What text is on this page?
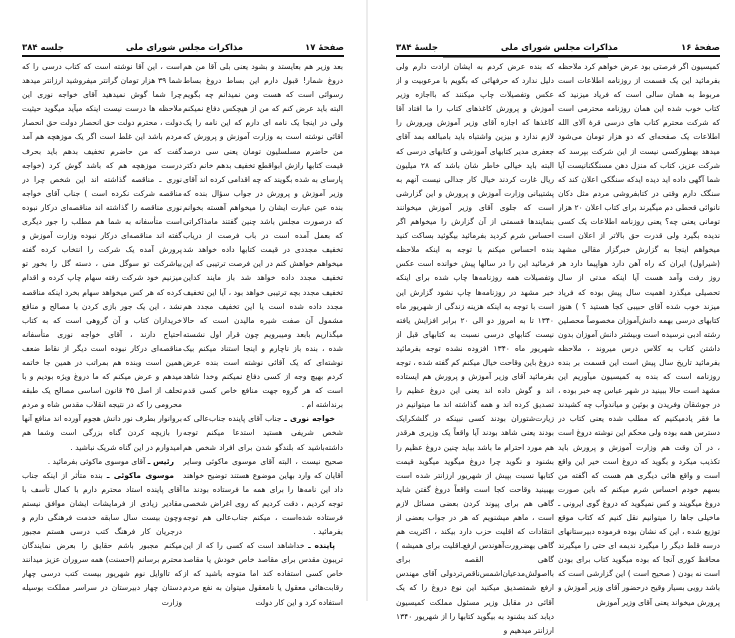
صفحهٔ ۱۷
مذاکرات مجلس شورای ملی
جلسه ۳۸۴

بعد وزیر هم بعایستد و بشود یعنی بلی آقا من هم دروغ شمار! قبول دارم این بساط دروغ بساط رسوائی است که هست ومن نمیدانم چه بگویم البته باید عرض کنم که من از هیچکس دفاع نمیکنم ولی در اینجا یک نامه ای دارم که این نامه را یک آقائی نوشته است به وزارت آموزش و پرورش که من حاضرم مسلسلیون تومان یعنی سی درصد قیمت کتابها رازش ابواقطع تخفیف بدهم خانم دکتر پارسای به شده بگویند که چه اقدامی کرده اند آقای وزیر آموزش و پرورش در جواب سؤال بنده که بنده عین عبارت ایشان را میخواهم آهسته بخوانم که درصورت مجلس باشد چنین گفتند مامذاکراتی که بعمل آمده است در باب فرصت از دریاب تخفیف مجددی در قیمت کتابها داده خواهد شد میخواهم خواهش کنم در این فرصت ترتیبی که این تخفیف مجدد داده خواهد شد باز مایند کداین تخفیف مجدد بچه ترتیبی خواهد بود ، آیا این تخفیف مجدد داده شده است یا این تخفیف مجدد هم مشمول آن صفت شیره مالیدن است که حالا میگذاریم بابعد ومیبرویم چون قرار اول نشسته شده ، بنده باز ناچارم و اینجا استناد میکنم بیک نوشته‌ای که یک آقائی نوشته است بنده عرض کردم بهیچ وجه از کسی دفاع نمیکنم وخدا شاهد است که هر گروه جهت منافع خاص کسی قدم برنداشته ام .

خواجه نوری ـ جناب آقای پاینده جناب‌عالی که شخص شریفی هستید استدعا میکنم توجه داشته‌باشید که بلندگو شدن برای افراد شخص هم صحیح نیست ، البته آقای موسوی ماکوئی وسایر آقایان که وارد بهاین موضوع هستند توضیح خواهند داد این نامه‌ها را برای همه ما فرستاده بودند ما توجه کردیم ، دقت کردیم که روی اغراض شخصی فرستاده شده‌است ، میکنم جناب‌عالی هم توجه بفرمائید .

پاینده ـ خداشاهد است که کسی را که از این تریبون مقدس برای مقاصد خاص خودش یا مقاصد خاص کسی استفاده کند اما متوجه باشید که از رقابت‌هائی معقول یا نامعقول میتوان به نفع مردم استفاده کرد و این کار دولت

است ، این آقا نوشته است که کتاب درسی را که شما ۳۹ هزار تومان گرانتر میفروشید ارزانتر میدهد چرا شما گوش نمیدهید آقای خواجه نوری این ملاحظه ها درست نیست اینکه میآید میگوید حیثیت دولت ، محترم دولت حق انحصار دولت حق انحصار مردم باشد این غلط است اگر یک موزهچه هم آمد گفت که من حاضرم تخفیف بدهم باید بحرف درست موزهچه هم که باشد گوش کرد (خواجه نوری ـ مناقصه گذاشته اند این شخص چرا در مناقصه شرکت نکرده است ) جناب آقای خواجه نوری مناقصه را گذاشته اند مناقصه‌ای درکار نبوده است متأسفانه به شما هم مطلب را جور دیگری گفته اند مناقصه‌ای درکار نبوده وزارت آموزش و پرورش آمده یک شرکت را انتخاب کرده گفته بیاشرکت تو سوگل منی ، دسته گل را بخور تو میزنیم خود شرکت رفته سهام چاپ کرده و اقدام کرده که هر کس میخواهد سهام بخرد اینکه مناقصه نشد ، این یک جور بازی کردن با مصالح و منافع خریداران کتاب و آن گروهی است که به کتاب احتیاج دارند ، آقای خواجه نوری متأسفانه مناقصه‌ای درکار نبوده است دیگر از نقاط ضعف همین است وبنده هم بمراتب در همین جا خاتمه میدهم و عرض میکنم که ما دروغ ویژه بودیم و با تحلف از اصل ۴۵ قانون اساسی مصالح یک طبقه محرومی را که در نتیجه انقلاب مقدس شاه و مردم بروانوار بطرف نور دانش هجوم آورده اند منافع آنها را بازیچه کردن گناه بزرگی است وشما هم امیدوارم در این گناه شریک نباشید .

رئیس ـ آقای موسوی ماکوئی بفرمائید .

موسوی ماکوئی ـ بنده متأثر از اینکه جناب آقای پاینده استاد محترم دارم با کمال تأسف با مقادیر زیادی از فرمایشات ایشان موافق نیستم وچون بیست سال سابقه خدمت فرهنگی دارم و درجریان کار فرهنگ کتب درسی هستم مجبور میکنم مجبور باشم حقایق را بعرض نمایندگان محترم برسانم (احسنت) همه سروران عزیز میدانند که تااوایل نوم شهریور بیست کتب درسی چهار دستان چهار دبیرستان در سراسر مملکت بوسیله وزارت

صفحهٔ ۱۶
مذاکرات مجلس شورای ملی
جلسهٔ ۳۸۴

کمیسیون اگر فرصتی بود عرض خواهم کرد ملاحظه بفرمائید این یک قسمت از روزنامه اطلاعات است مربوط به همان سالی است که فریاد میزنید که کتاب خوب شده این همان روزنامه محترمی است که شرکت محترم کتاب های درسی قرهٔ آلای الله اطلاعات یک صفحه‌ای که دو هزار تومان می‌شود میدهد بهطورکسی نیست از این شرکت بپرسد که شرکت عزیز، کتاب که منزل دهن مسنگکنانیست آیا شما آگهی داده اید دیده ایدکه سنگکی اعلان کند که سنگک دارم وقتی در کتابفروشی مردم مثل دکان نانوائی قحطی دم میگیرند برای کتاب اعلان ۲۰ هزار تومانی یعنی چه؟ یعنی روزنامه اطلاعات یک کسی ندیده بگیرد ولی قدرت حق بالاتر از اعلان است میخواهم اینجا به گزارش خبرگزار مقالی مشهد (شیراول) ایران که راه آهن دارد هواپیما دارد هر روز رفت وآمد هست آیا اینکه مدتی از سال تحصیلی میگذرد اهمیت سال پیش بوده که فریاد میزند خوب شده آقای حبیبی کجا هستید ؟ ) هنوز کتابهای درسی بهمه دانش‌آموزان مخصوصاً محصلین رشته ادبی نرسیده است وبیشتر دانش آموزان بدون داشتن کتاب به کلاس درس میروند ، ملاحظه بفرمائید تاریخ سال پیش است این قسمت بر بنده روزنامه است که بنده به کمیسیون میآوریم این مشهد است حالا ببینید در شهر عباس چه خبر بوده ، در جوشقان وفریدن و بوئین و میاندوآب چه کشیدند ما فقر یادمیکنیم که مطلب شده یعنی کتاب در دسترس همه بوده ولی محکم این نوشته دروغ است ، در آن وقت هم وزارت آموزش و پرورش باید تکذیب میکرد و بگوید که دروغ است خیر این واقع است و واقع هائی دیگری هم هست که اگفته من بسهم خودم احساس شرم میکنم که باین صورت دروغ میگویند و کس نمیگوید که دروغ گوی ایرونی ـ ماخیلی جاها را میتوانیم نقل کنیم که کتاب موقع توزیع شده ، این که نشان بوده فرموده دبیرستانهای درسه قلط دیگر را میگیرد ندیمه ای حتی را میگیرند محافظ کوری آنجا که بوده میگوید کتاب برای بودن است نه بودن ( صحیح است ) این گزارشی است که باشد رویی بسیار وقیح درحضور آقای وزیر آموزش و پرورش میخواند یعنی آقای وزیر آموزش

که بنده عرض کردم به ایشان ارادت دارم ولی دلیل ندارد که حرفهائی که بگویم با مرعوبیت و از عکس وتفصیلات چاپ میکنند که بااجازه وزیر آموزش و پرورش کاغذهای کتاب را ما افتاد آقا کاغذها که اجازه آقای وزیر آموزش وپرورش را لازم ندارد و بیزین واشتباه باید بامبالغه بمد آقای جعفری مدیر کتابهای آموزشی و کتابهای درسی که البته باید خیالی خاطر شان باشد که ۲۸ میلیون ریال غارت کردند خیال کار جدالی نیست آنهم به پشتیبانی وزارت آموزش و پرورش و این گزارشی است که جلوی آقای وزیر آموزش میخوانند بنمایندها قسمتی از آن گزارش را میخواهم اگر احساس شرم کردید بفرمائید بیگوئید بساکت کنید بنده احساس میکنم با توجه به اینکه ملاحظه فرمائید این را در سالها پیش خوانده است عکس وتفصیلات همه روزنامه‌ها چاپ شده برای اینکه خبر مشهد در روزنامه‌ها چاپ نشود گزارش این است با توجه به اینکه هزینه زندگی از شهریور ماه ۱۳۴۰ تا به امروز دو الی ۲۰ برابر افزایش یافته نیست کتابهای درسی نسبت به کتابهای قبل از شهریور ماه ۱۳۴۰ افزوده نشده توجه بفرمائید دروغ باین وقاحت خیال میکنم کم گفته شده ، توجه بفرمائید آقای وزیر آموزش و پرورش هم ایستاده اند و گوش داده اند یعنی این دروغ عظیم را تصدیق کرده اند و همه گذاشته اند ما میتوانیم در زیارت‌شتوران بودند کسی نبینکه در گلشکرایک بودند یعنی شاهد بودند آیا واقعاً یک وزیری هرقدر هم مورد احترام ما باشد بیاید چنین دروغ عظیم را بشنود و نگوید چرا دروغ میگوید میگوید قیمت کتابها نسبت بپیش از شهریور ارزانتر شده است بهبینید وقاحت کجا است واقعاً دروغ گفتن شاید گاهی هم برای پیوند کردن بعضی مسائل لازم است ، ماهم میشنویم که هر در جواب بعضی از انتقادات که اقلیت حزب دارد بیکند ، اکثریت هم گاهی بهضرورت‌آهوندس ارفع‌ـ‌اقلیت برای همیشه ) گاهی القصه برای بااصولش‌مدعیان‌اشمس‌ناقص‌تردولی آقای مهندس ارفع شمتصدیق میکنید این نوع دروغ را که یک آقائی در مقابل وزیر مسئول مملکت کمیسیون دیابد کند بشنود به بیگوید کتابها را از شهریور ۱۳۴۰ ارزانتر میدهیم و
